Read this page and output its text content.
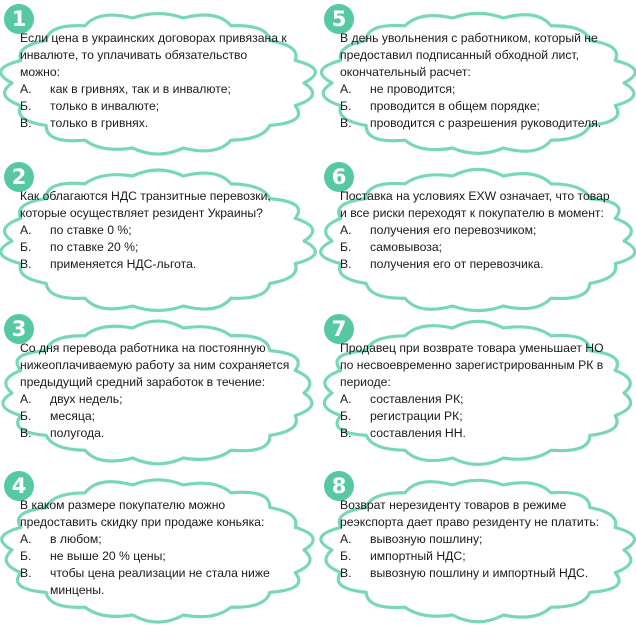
1

Если цена в украинских договорах привязана к инвалюте, то уплачивать обязательство можно:

А.	как в гривнях, так и в инвалюте;
Б.	только в инвалюте;
В.	только в гривнях.
2

Как облагаются НДС транзитные перевозки, которые осуществляет резидент Украины?

А.	по ставке 0 %;
Б.	по ставке 20 %;
В.	применяется НДС-льгота.
3

Со дня перевода работника на постоянную нижеоплачиваемую работу за ним сохраняется предыдущий средний заработок в течение:

А.	двух недель;
Б.	месяца;
В.	полугода.
4

В каком размере покупателю можно предоставить скидку при продаже коньяка:

А.	в любом;
Б.	не выше 20 % цены;
В.	чтобы цена реализации не стала ниже минцены.
5

В день увольнения с работником, который не предоставил подписанный обходной лист, окончательный расчет:

А.	не проводится;
Б.	проводится в общем порядке;
В.	проводится с разрешения руководителя.
6

Поставка на условиях EXW означает, что товар и все риски переходят к покупателю в момент:

А.	получения его перевозчиком;
Б.	самовывоза;
В.	получения его от перевозчика.
7

Продавец при возврате товара уменьшает НО по несвоевременно зарегистрированным РК в периоде:

А.	составления РК;
Б.	регистрации РК;
В.	составления НН.
8

Возврат нерезиденту товаров в режиме реэкспорта дает право резиденту не платить:

А.	вывозную пошлину;
Б.	импортный НДС;
В.	вывозную пошлину и импортный НДС.
